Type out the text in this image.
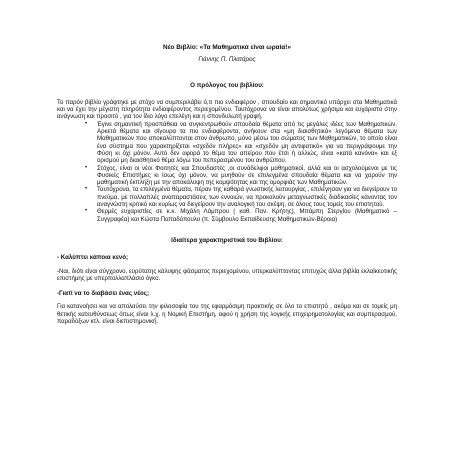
Νέο Βιβλίο: «Τα Μαθηματικά είναι ωραία!»

Γιάννης Π. Πλατάρος

Ο πρόλογος του βιβλίου:

Το παρόν βιβλίο γράφτηκε με στόχο να συμπεριλάβει ό,τι πιο ενδιαφέρον , σπουδαίο και σημαντικό υπάρχει στα Μαθηματικά και να έχει την μέγιστη πληρότητα ενδιαφέροντος περιεχομένου. Ταυτόχρονα να είναι απολύτως χρήσιμο και ευχάριστο στην ανάγνωση και προσιτό , για τον ίδιο λόγο επελέγη και η σπονδυλωτή γραφή.

• Έγινε σημαντική προσπάθεια να συγκεντρωθούν σπουδαία θέματα από τις μεγάλες ιδέες των Μαθηματικών. Αρκετά θέματα και σίγουρα τα πιο ενδιαφέροντα, ανήκουν στα «μη διαισθητικά» λεγόμενα θέματα των Μαθηματικών που αποκαλύπτονται στον άνθρωπο, μόνο μέσω του σώματος των Μαθηματικών, το οποίο είναι ένα σύστημα που χαρακτηρίζεται «σχεδόν πλήρες» και «σχεδόν μη αντιφατικό» για να περιγράψουμε την Φύση κι όχι μόνον. Αυτό δεν αφορά το θέμα του απείρου που έτσι ή αλλιώς, είναι «κατά κανόνα» και εξ ορισμού μη διαισθητικό θέμα λόγω του πεπερασμένου του ανθρώπου.
• Στόχος, είναι οι νέοι Φοιτητές και Σπουδαστές ,οι συνάδελφοι μαθηματικοί, αλλά και οι ασχολούμενοι με τις Φυσικές Επιστήμες κι ίσως όχι μόνον, να μυηθούν σε επιλεγμένα σπουδαία θέματα και να χαρούν την μαθηματική έκπληξη με την αποκάλυψη της κομψότητας και της ομορφιάς των Μαθηματικών.
• Ταυτόχρονα, τα επιλεγμένα θέματα, πέραν της καθαρά γνωστικής λειτουργίας , επιλέγησαν για να διεγείρουν το πνεύμα, με πολλαπλές αναπαραστάσεις των εννοιών, να προκαλούν μεταγνωστικές διαδικασίες κάνοντας τον αναγνώστη κριτικό και κυρίως να διεγείρουν την αναλογική του σκέψη, σε όλους τους τομείς του επιστητού.
• Θερμές ευχαριστίες σε κ.κ. Μιχάλη Λάμπρου ( καθ. Παν. Κρήτης), Μπάμπη Στεργίου (Μαθηματικό –Συγγραφέα) και Κώστα Παπαδόπουλο (π. Σύμβουλο Εκπαίδευσης Μαθηματικών-Βέροια)

Ιδιαίτερα χαρακτηριστικά του Βιβλίου:

- Καλύπτει κάποια κενό;

-Ναι, διότι είναι σύγχρονο, ευρύτατης κάλυψης φάσματος περιεχομένου, υπερκαλύπτοντας επιτυχώς άλλα βιβλία εκλαϊκευτικής επιστήμης με υπερπολλαπλάσιο όγκο.

-Γιατί να το διαβάσει ένας νέος;

Για κατανοήσει και να απολαύσει την φιλοσοφία του της εφαρμόσιμη πρακτικής σε όλο το επιστητό , ακόμα και σε τομείς μη θετικής κατευθύνσεως όπως είναι λ.χ. η Νομική Επιστήμη, αφού η χρήση της λογικής επιχειρηματολογίας και συμπερασμού, παραδόξων κτλ. είναι διεπιστημονική.
